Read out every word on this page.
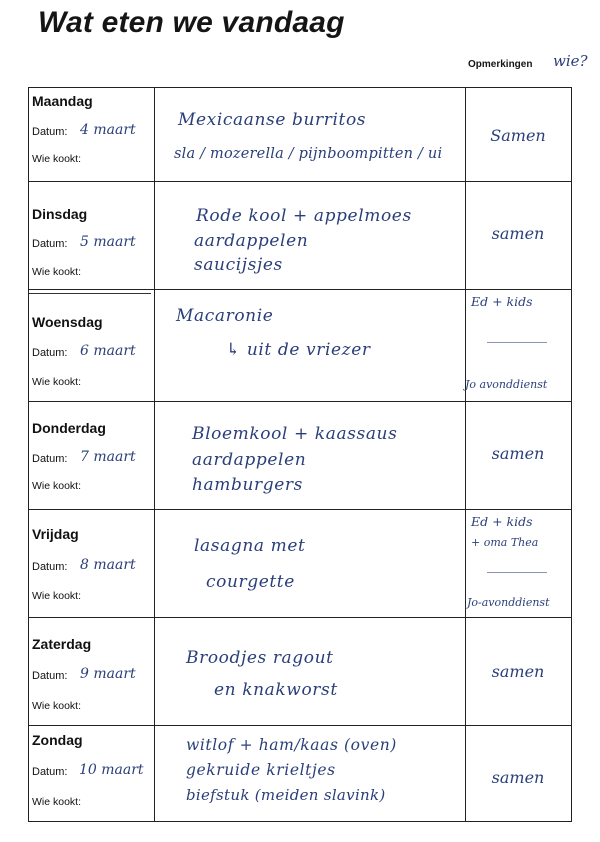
Wat eten we vandaag
Opmerkingen wie?
Maandag
Datum: 4 maart
Wie kookt:
Mexicaanse burritos
sla / mozerella / pijnboompitten / ui
Samen
Dinsdag
Datum: 5 maart
Wie kookt:
Rode kool + appelmoes
aardappelen
saucijsjes
samen
Woensdag
Datum: 6 maart
Wie kookt:
Macaronie
↳ uit de vriezer
Ed + kids
Jo avonddienst
Donderdag
Datum: 7 maart
Wie kookt:
Bloemkool + kaassaus
aardappelen
hamburgers
samen
Vrijdag
Datum: 8 maart
Wie kookt:
lasagna met
courgette
Ed + kids
+ oma Thea
Jo-avonddienst
Zaterdag
Datum: 9 maart
Wie kookt:
Broodjes ragout
en knakworst
samen
Zondag
Datum: 10 maart
Wie kookt:
witlof + ham/kaas (oven)
gekruide krieltjes
biefstuk (meiden slavink)
samen
